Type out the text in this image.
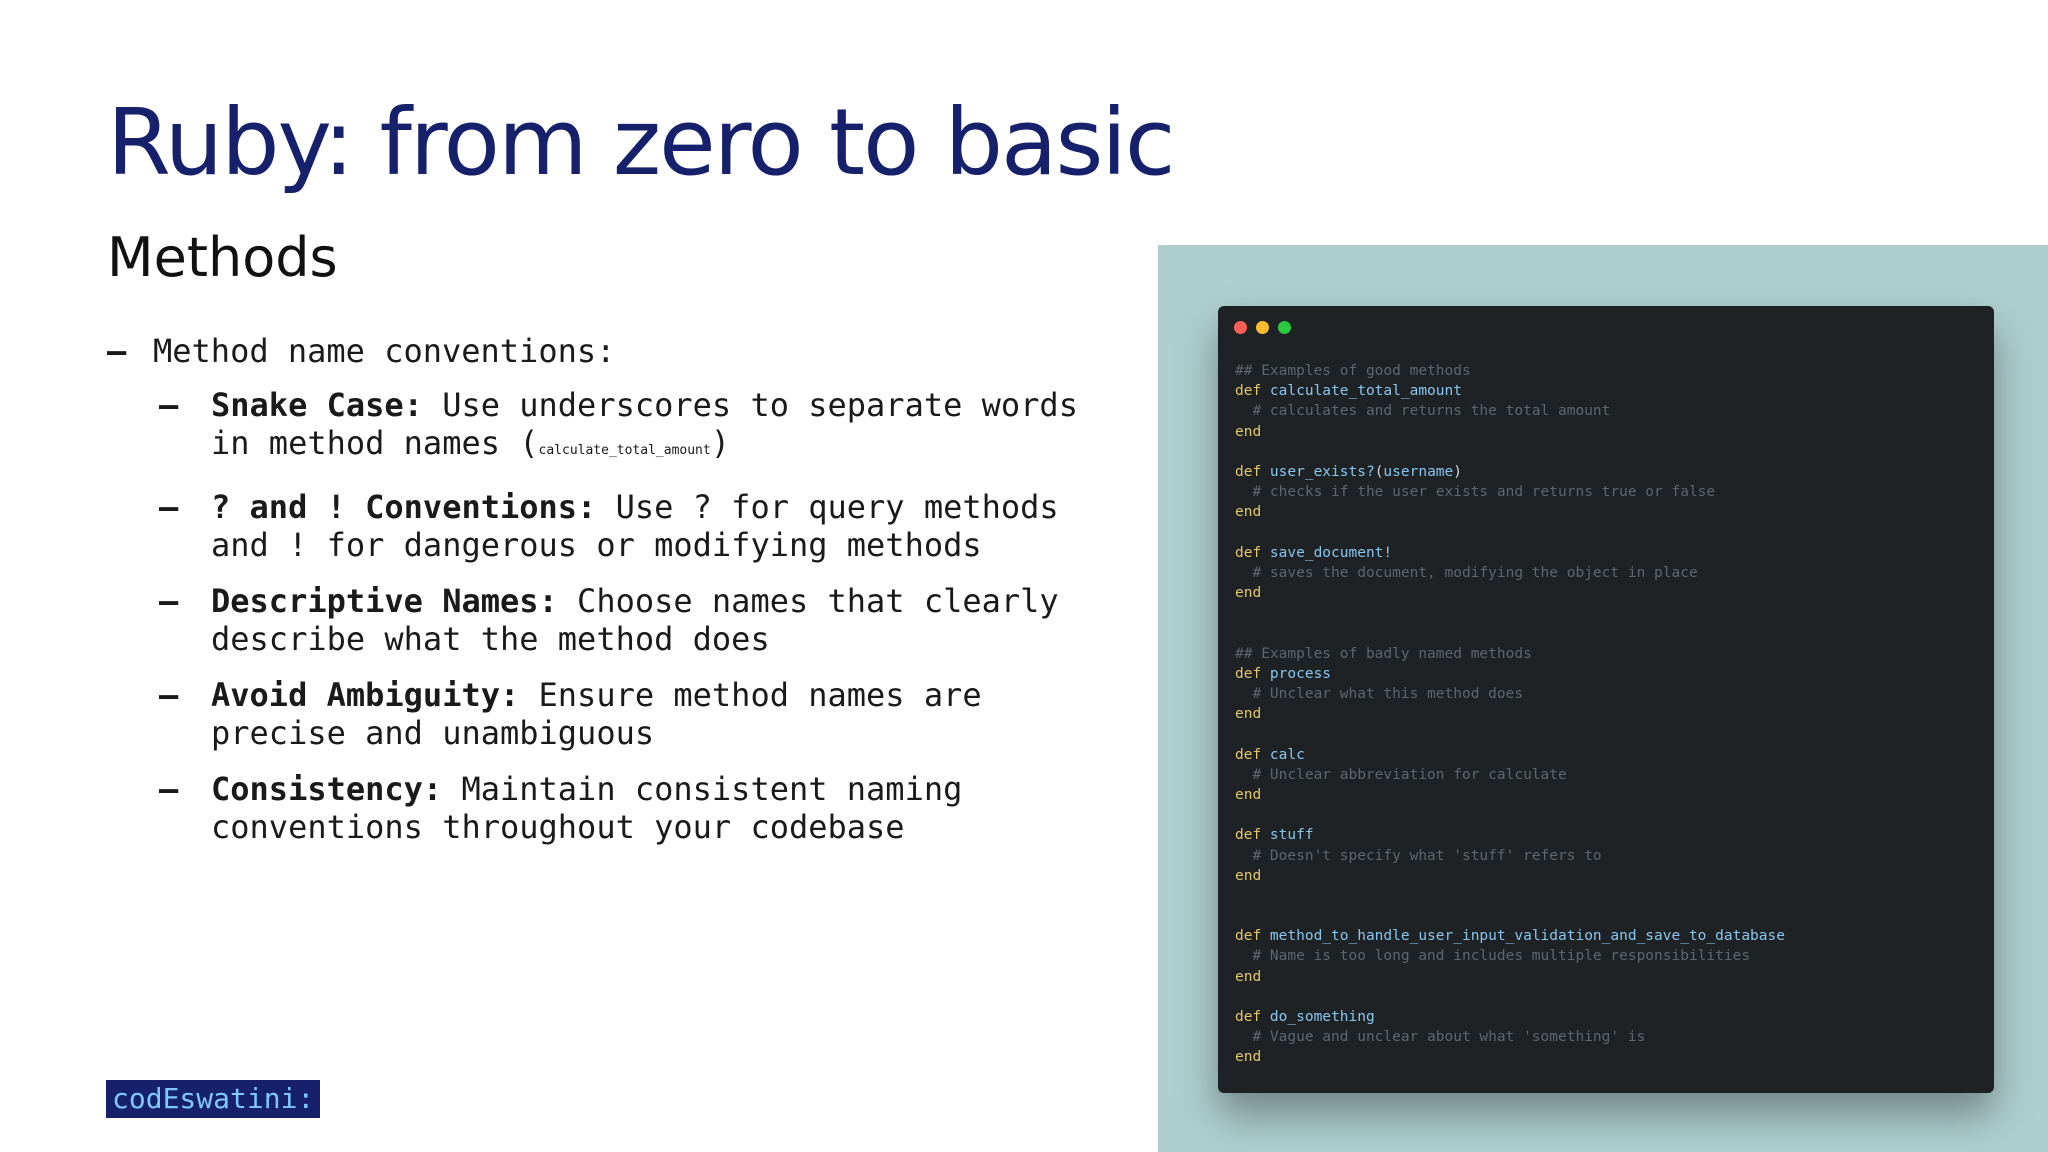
Ruby: from zero to basic
Methods
– Method name conventions:
–	Snake Case: Use underscores to separate words in method names (calculate_total_amount)
–	? and ! Conventions: Use ? for query methods and ! for dangerous or modifying methods
–	Descriptive Names: Choose names that clearly describe what the method does
–	Avoid Ambiguity: Ensure method names are precise and unambiguous
–	Consistency: Maintain consistent naming conventions throughout your codebase
codEswatini:
## Examples of good methods
def calculate_total_amount
# calculates and returns the total amount
end
def user_exists?(username)
# checks if the user exists and returns true or false
end
def save_document!
# saves the document, modifying the object in place
end
## Examples of badly named methods
def process
# Unclear what this method does
end
def calc
# Unclear abbreviation for calculate
end
def stuff
# Doesn't specify what 'stuff' refers to
end
def method_to_handle_user_input_validation_and_save_to_database
# Name is too long and includes multiple responsibilities
end
def do_something
# Vague and unclear about what 'something' is
end
